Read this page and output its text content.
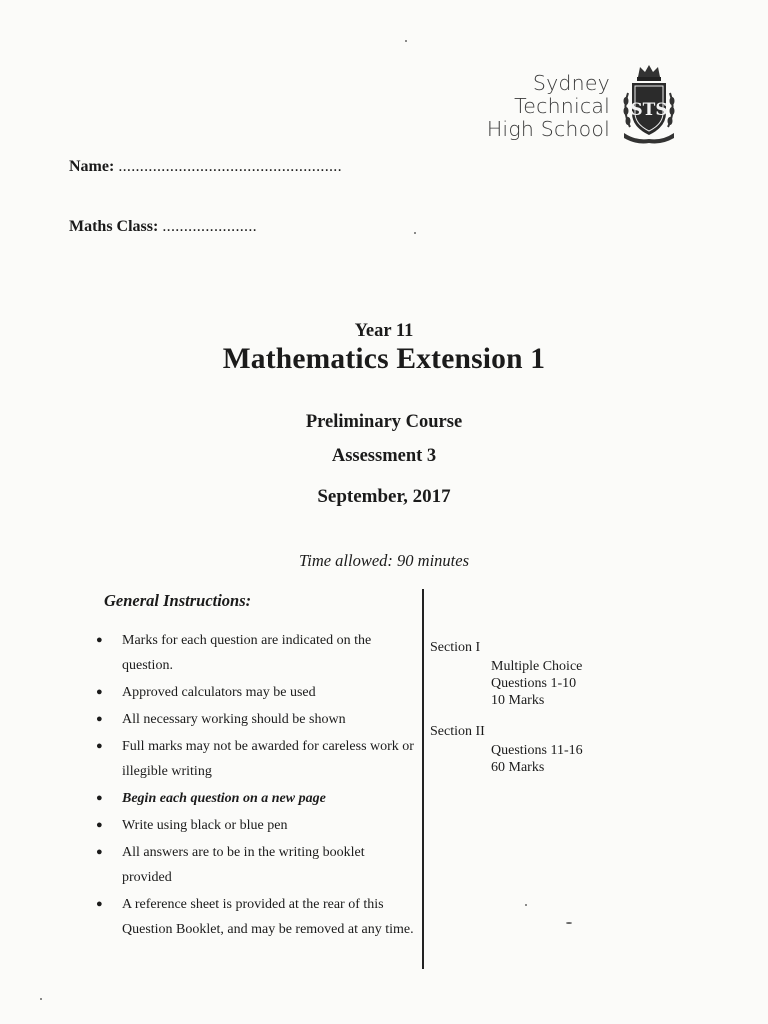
Sydney
Technical
High School
STS
Name: ....................................................
Maths Class: ......................
Year 11
Mathematics Extension 1
Preliminary Course
Assessment 3
September, 2017
Time allowed: 90 minutes
General Instructions:
● Marks for each question are indicated on the question.
● Approved calculators may be used
● All necessary working should be shown
● Full marks may not be awarded for careless work or illegible writing
● Begin each question on a new page
● Write using black or blue pen
● All answers are to be in the writing booklet provided
● A reference sheet is provided at the rear of this Question Booklet, and may be removed at any time.
Section I
Multiple Choice
Questions 1-10
10 Marks
Section II
Questions 11-16
60 Marks
